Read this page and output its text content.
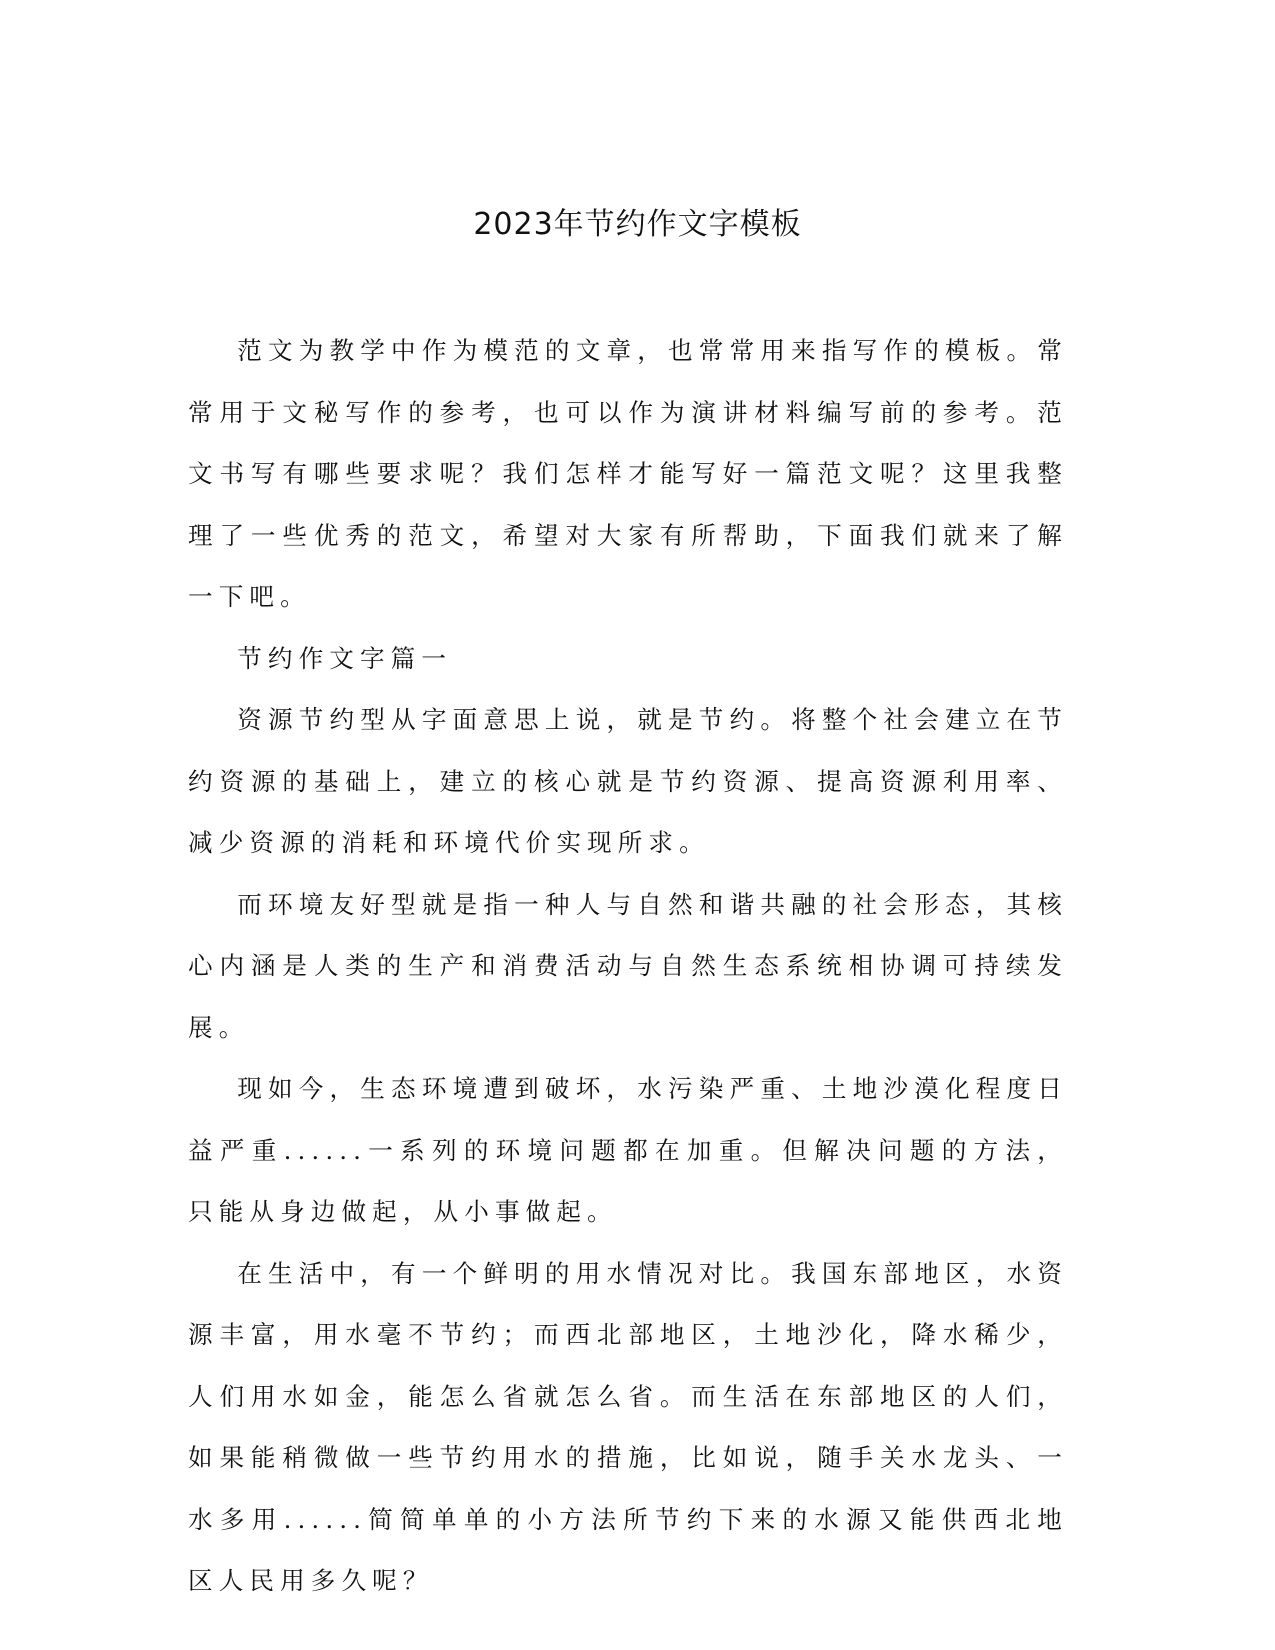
2023年节约作文字模板

范文为教学中作为模范的文章，也常常用来指写作的模板。常常用于文秘写作的参考，也可以作为演讲材料编写前的参考。范文书写有哪些要求呢？我们怎样才能写好一篇范文呢？这里我整理了一些优秀的范文，希望对大家有所帮助，下面我们就来了解一下吧。

节约作文字篇一

资源节约型从字面意思上说，就是节约。将整个社会建立在节约资源的基础上，建立的核心就是节约资源、提高资源利用率、减少资源的消耗和环境代价实现所求。

而环境友好型就是指一种人与自然和谐共融的社会形态，其核心内涵是人类的生产和消费活动与自然生态系统相协调可持续发展。

现如今，生态环境遭到破坏，水污染严重、土地沙漠化程度日益严重......一系列的环境问题都在加重。但解决问题的方法，只能从身边做起，从小事做起。

在生活中，有一个鲜明的用水情况对比。我国东部地区，水资源丰富，用水毫不节约；而西北部地区，土地沙化，降水稀少，人们用水如金，能怎么省就怎么省。而生活在东部地区的人们，如果能稍微做一些节约用水的措施，比如说，随手关水龙头、一水多用......简简单单的小方法所节约下来的水源又能供西北地区人民用多久呢？
